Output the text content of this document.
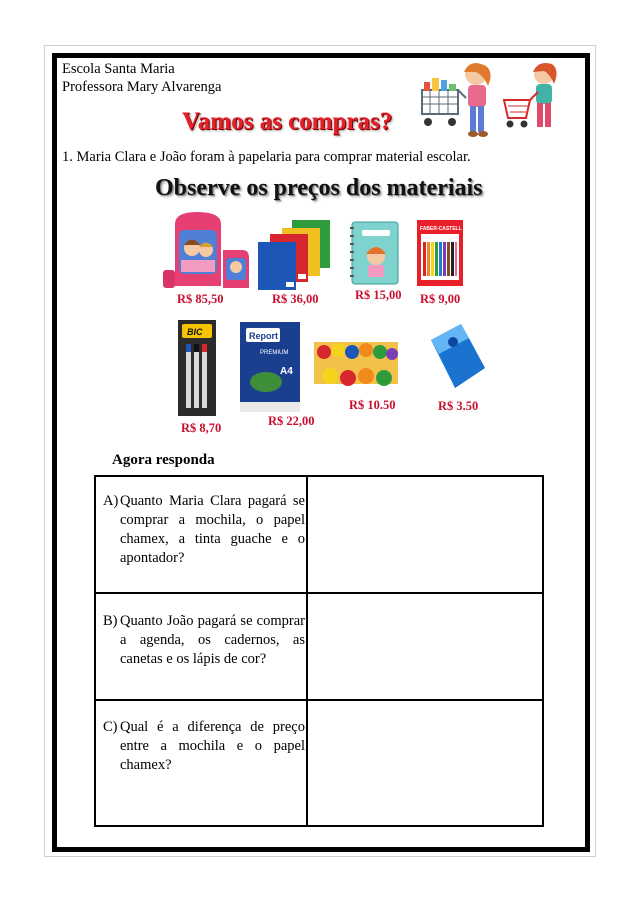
Escola Santa Maria
Professora Mary Alvarenga
Vamos as compras?
1. Maria Clara e João foram à papelaria para comprar material escolar.
Observe os preços dos materiais
FABER-CASTELL
R$ 85,50	R$ 36,00	R$ 15,00 R$ 9,00
BIC
R$ 8,70
Report
PREMIUM
A4
R$ 22,00
R$ 10.50	R$ 3.50
Agora responda
A) Quanto Maria Clara pagará se comprar a mochila, o papel chamex, a tinta guache e o apontador?
B) Quanto João pagará se comprar a agenda, os cadernos, as canetas e os lápis de cor?
C) Qual é a diferença de preço entre a mochila e o papel chamex?
